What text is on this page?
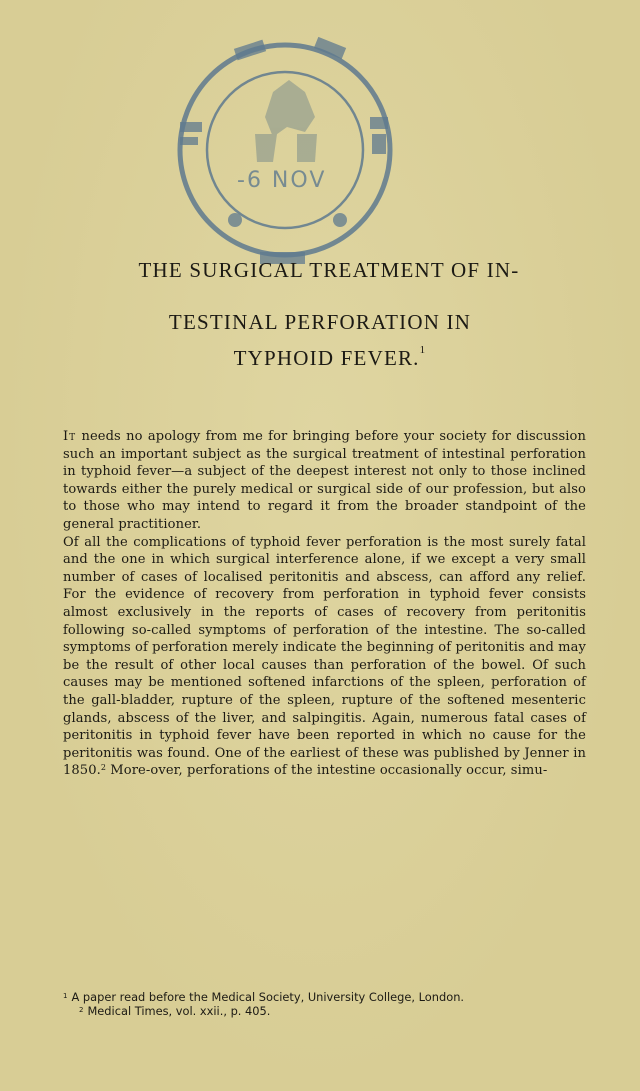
-6 NOV
THE SURGICAL TREATMENT OF IN-
TESTINAL PERFORATION IN
TYPHOID FEVER.$^1$

It needs no apology from me for bringing before your society for discussion such an important subject as the surgical treatment of intestinal perforation in typhoid fever—a subject of the deepest interest not only to those inclined towards either the purely medical or surgical side of our profession, but also to those who may intend to regard it from the broader standpoint of the general practitioner.

Of all the complications of typhoid fever perforation is the most surely fatal and the one in which surgical interference alone, if we except a very small number of cases of localised peritonitis and abscess, can afford any relief. For the evidence of recovery from perforation in typhoid fever consists almost exclusively in the reports of cases of recovery from peritonitis following so-called symptoms of perforation of the intestine. The so-called symptoms of perforation merely indicate the beginning of peritonitis and may be the result of other local causes than perforation of the bowel. Of such causes may be mentioned softened infarctions of the spleen, perforation of the gall-bladder, rupture of the spleen, rupture of the softened mesenteric glands, abscess of the liver, and salpingitis. Again, numerous fatal cases of peritonitis in typhoid fever have been reported in which no cause for the peritonitis was found. One of the earliest of these was published by Jenner in 1850.$^2$ More-over, perforations of the intestine occasionally occur, simu-

$^1$ A paper read before the Medical Society, University College, London.
$^2$ Medical Times, vol. xxii., p. 405.
